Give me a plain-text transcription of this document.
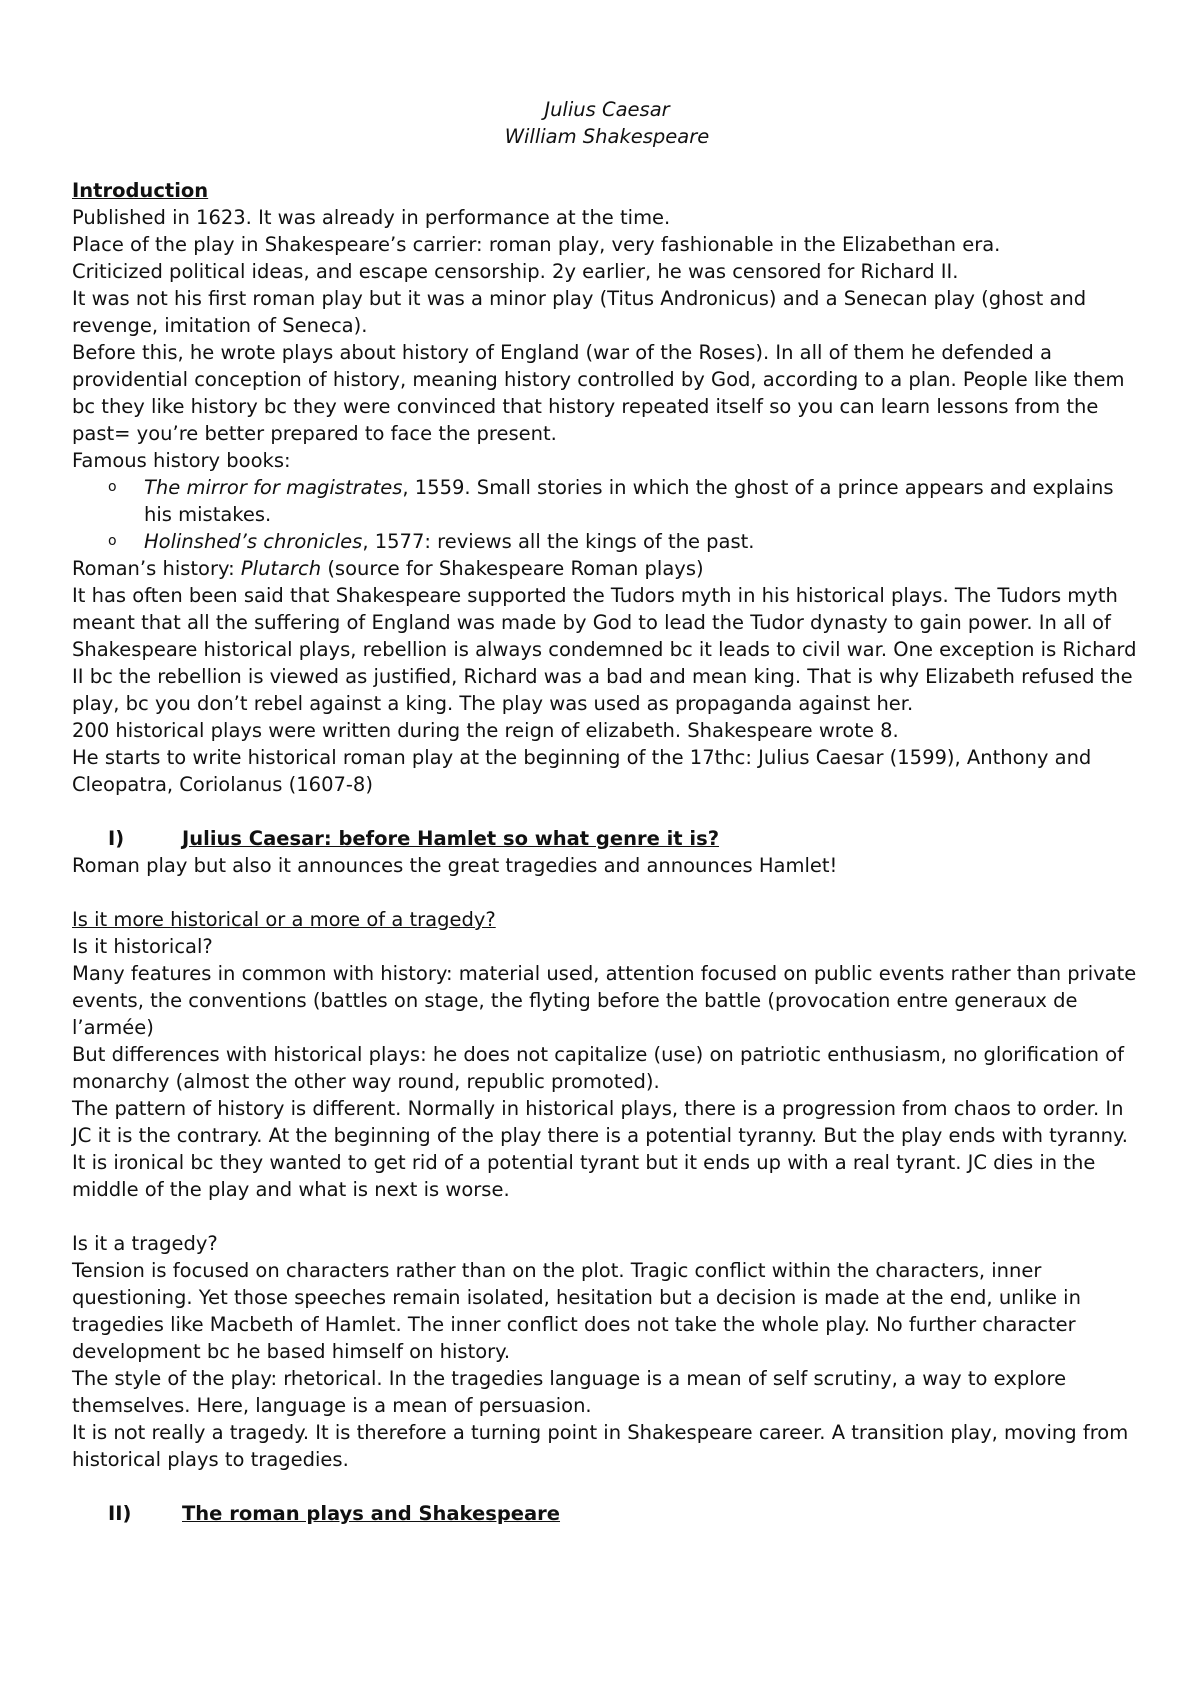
Julius Caesar

William Shakespeare

Introduction

Published in 1623. It was already in performance at the time.

Place of the play in Shakespeare’s carrier: roman play, very fashionable in the Elizabethan era.

Criticized political ideas, and escape censorship. 2y earlier, he was censored for Richard II.

It was not his first roman play but it was a minor play (Titus Andronicus) and a Senecan play (ghost and revenge, imitation of Seneca).

Before this, he wrote plays about history of England (war of the Roses). In all of them he defended a providential conception of history, meaning history controlled by God, according to a plan. People like them bc they like history bc they were convinced that history repeated itself so you can learn lessons from the past= you’re better prepared to face the present.

Famous history books:

o The mirror for magistrates, 1559. Small stories in which the ghost of a prince appears and explains his mistakes.
o Holinshed’s chronicles, 1577: reviews all the kings of the past.

Roman’s history: Plutarch (source for Shakespeare Roman plays)

It has often been said that Shakespeare supported the Tudors myth in his historical plays. The Tudors myth meant that all the suffering of England was made by God to lead the Tudor dynasty to gain power. In all of Shakespeare historical plays, rebellion is always condemned bc it leads to civil war. One exception is Richard II bc the rebellion is viewed as justified, Richard was a bad and mean king. That is why Elizabeth refused the play, bc you don’t rebel against a king. The play was used as propaganda against her.

200 historical plays were written during the reign of elizabeth. Shakespeare wrote 8.

He starts to write historical roman play at the beginning of the 17thc: Julius Caesar (1599), Anthony and Cleopatra, Coriolanus (1607-8)

I)	Julius Caesar: before Hamlet so what genre it is?

Roman play but also it announces the great tragedies and announces Hamlet!

Is it more historical or a more of a tragedy?

Is it historical?

Many features in common with history: material used, attention focused on public events rather than private events, the conventions (battles on stage, the flyting before the battle (provocation entre generaux de l’armée)

But differences with historical plays: he does not capitalize (use) on patriotic enthusiasm, no glorification of monarchy (almost the other way round, republic promoted).

The pattern of history is different. Normally in historical plays, there is a progression from chaos to order. In JC it is the contrary. At the beginning of the play there is a potential tyranny. But the play ends with tyranny. It is ironical bc they wanted to get rid of a potential tyrant but it ends up with a real tyrant. JC dies in the middle of the play and what is next is worse.

Is it a tragedy?

Tension is focused on characters rather than on the plot. Tragic conflict within the characters, inner questioning. Yet those speeches remain isolated, hesitation but a decision is made at the end, unlike in tragedies like Macbeth of Hamlet. The inner conflict does not take the whole play. No further character development bc he based himself on history.

The style of the play: rhetorical. In the tragedies language is a mean of self scrutiny, a way to explore themselves. Here, language is a mean of persuasion.

It is not really a tragedy. It is therefore a turning point in Shakespeare career. A transition play, moving from historical plays to tragedies.

II)	The roman plays and Shakespeare
